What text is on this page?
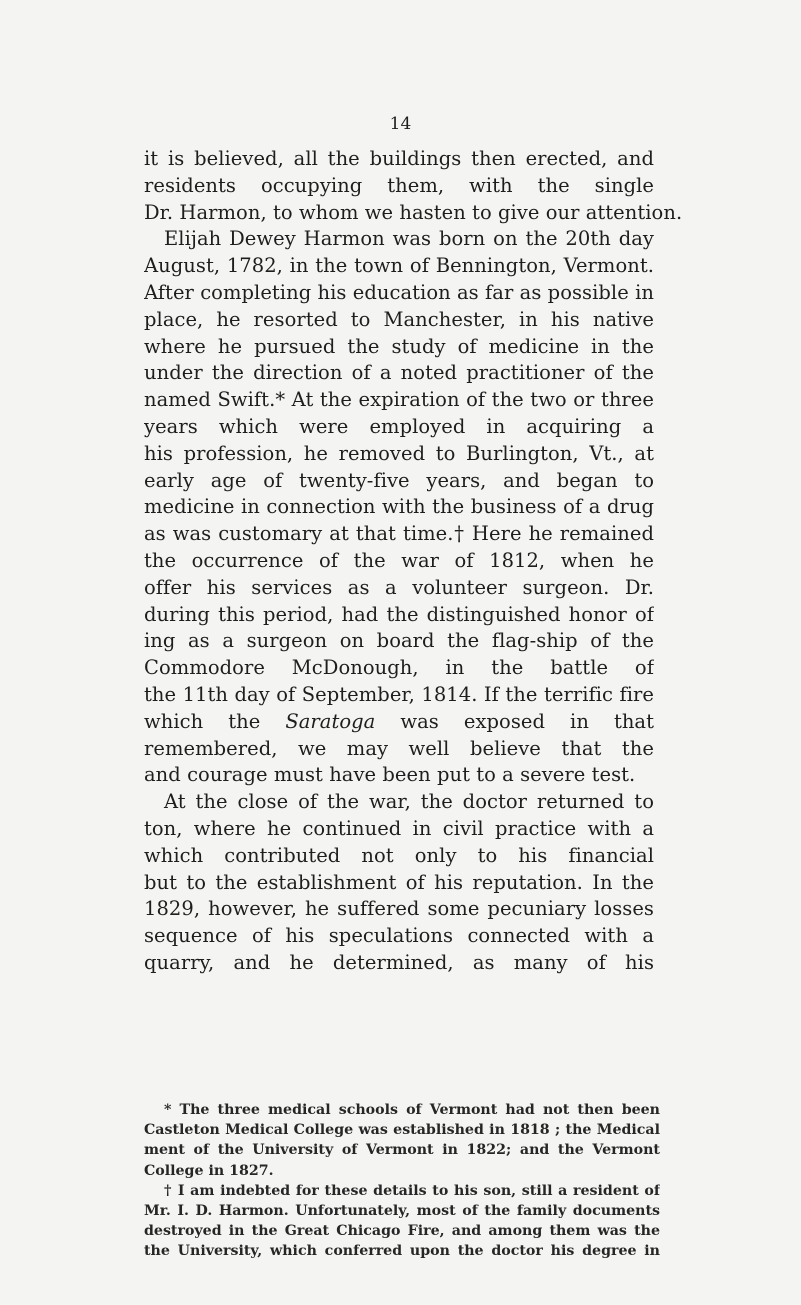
14
it is believed, all the buildings then erected, and
residents occupying them, with the single
Dr. Harmon, to whom we hasten to give our attention.
Elijah Dewey Harmon was born on the 20th day
August, 1782, in the town of Bennington, Vermont.
After completing his education as far as possible in
place, he resorted to Manchester, in his native
where he pursued the study of medicine in the
under the direction of a noted practitioner of the
named Swift.* At the expiration of the two or three
years which were employed in acquiring a
his profession, he removed to Burlington, Vt., at
early age of twenty-five years, and began to
medicine in connection with the business of a drug
as was customary at that time.† Here he remained
the occurrence of the war of 1812, when he
offer his services as a volunteer surgeon. Dr.
during this period, had the distinguished honor of
ing as a surgeon on board the flag-ship of the
Commodore McDonough, in the battle of
the 11th day of September, 1814. If the terrific fire
which the Saratoga was exposed in that
remembered, we may well believe that the
and courage must have been put to a severe test.
At the close of the war, the doctor returned to
ton, where he continued in civil practice with a
which contributed not only to his financial
but to the establishment of his reputation. In the
1829, however, he suffered some pecuniary losses
sequence of his speculations connected with a
quarry, and he determined, as many of his
* The three medical schools of Vermont had not then been
Castleton Medical College was established in 1818 ; the Medical
ment of the University of Vermont in 1822; and the Vermont
College in 1827.
† I am indebted for these details to his son, still a resident of
Mr. I. D. Harmon. Unfortunately, most of the family documents
destroyed in the Great Chicago Fire, and among them was the
the University, which conferred upon the doctor his degree in
